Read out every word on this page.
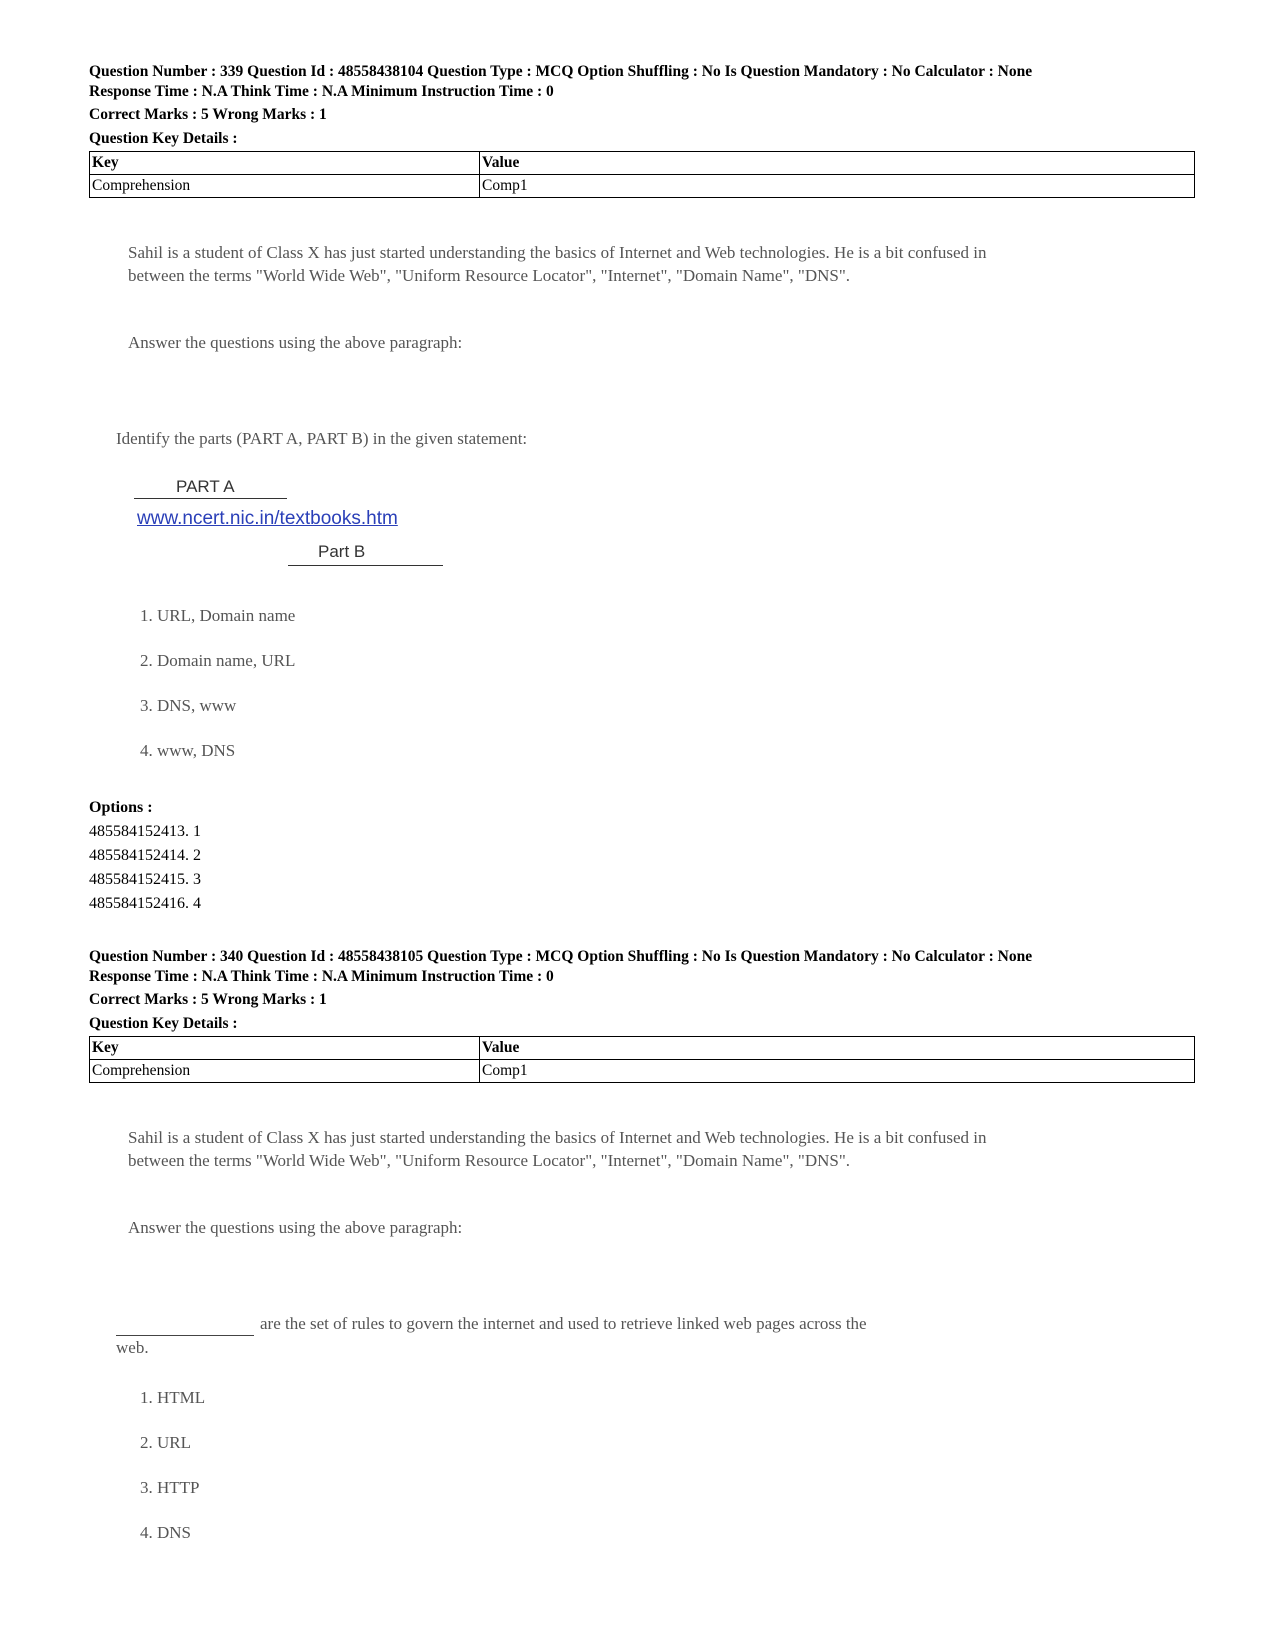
Question Number : 339 Question Id : 48558438104 Question Type : MCQ Option Shuffling : No Is Question Mandatory : No Calculator : None
Response Time : N.A Think Time : N.A Minimum Instruction Time : 0
Correct Marks : 5 Wrong Marks : 1
Question Key Details :
Key	Value
Comprehension	Comp1
Sahil is a student of Class X has just started understanding the basics of Internet and Web technologies. He is a bit confused in between the terms "World Wide Web", "Uniform Resource Locator", "Internet", "Domain Name", "DNS".
Answer the questions using the above paragraph:
Identify the parts (PART A, PART B) in the given statement:
PART A
www.ncert.nic.in/textbooks.htm
Part B
1. URL, Domain name
2. Domain name, URL
3. DNS, www
4. www, DNS
Options :
485584152413. 1
485584152414. 2
485584152415. 3
485584152416. 4
Question Number : 340 Question Id : 48558438105 Question Type : MCQ Option Shuffling : No Is Question Mandatory : No Calculator : None
Response Time : N.A Think Time : N.A Minimum Instruction Time : 0
Correct Marks : 5 Wrong Marks : 1
Question Key Details :
Key	Value
Comprehension	Comp1
Sahil is a student of Class X has just started understanding the basics of Internet and Web technologies. He is a bit confused in between the terms "World Wide Web", "Uniform Resource Locator", "Internet", "Domain Name", "DNS".
Answer the questions using the above paragraph:
are the set of rules to govern the internet and used to retrieve linked web pages across the
web.
1. HTML
2. URL
3. HTTP
4. DNS
